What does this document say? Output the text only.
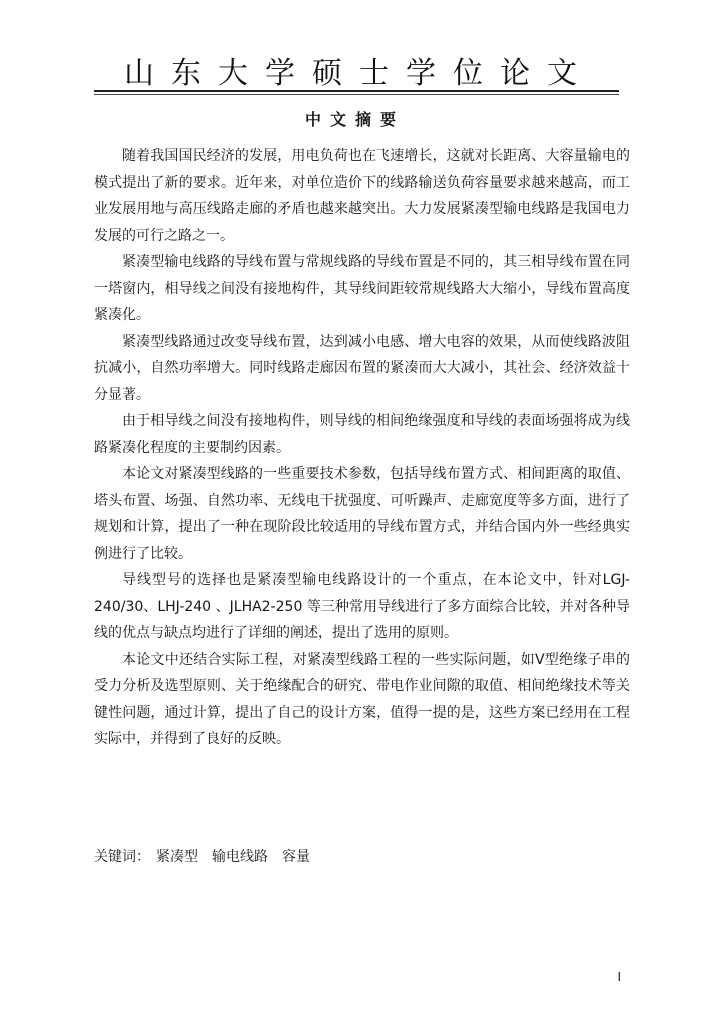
山东大学硕士学位论文
中文摘要

随着我国国民经济的发展，用电负荷也在飞速增长，这就对长距离、大容量输电的模式提出了新的要求。近年来，对单位造价下的线路输送负荷容量要求越来越高，而工业发展用地与高压线路走廊的矛盾也越来越突出。大力发展紧凑型输电线路是我国电力发展的可行之路之一。

紧凑型输电线路的导线布置与常规线路的导线布置是不同的，其三相导线布置在同一塔窗内，相导线之间没有接地构件，其导线间距较常规线路大大缩小，导线布置高度紧凑化。

紧凑型线路通过改变导线布置，达到减小电感、增大电容的效果，从而使线路波阻抗减小，自然功率增大。同时线路走廊因布置的紧凑而大大减小，其社会、经济效益十分显著。

由于相导线之间没有接地构件，则导线的相间绝缘强度和导线的表面场强将成为线路紧凑化程度的主要制约因素。

本论文对紧凑型线路的一些重要技术参数，包括导线布置方式、相间距离的取值、塔头布置、场强、自然功率、无线电干扰强度、可听躁声、走廊宽度等多方面，进行了规划和计算，提出了一种在现阶段比较适用的导线布置方式，并结合国内外一些经典实例进行了比较。

导线型号的选择也是紧凑型输电线路设计的一个重点，在本论文中，针对LGJ-240/30、LHJ-240 、JLHA2-250 等三种常用导线进行了多方面综合比较，并对各种导线的优点与缺点均进行了详细的阐述，提出了选用的原则。

本论文中还结合实际工程，对紧凑型线路工程的一些实际问题，如V型绝缘子串的受力分析及选型原则、关于绝缘配合的研究、带电作业间隙的取值、相间绝缘技术等关键性问题，通过计算，提出了自己的设计方案，值得一提的是，这些方案已经用在工程实际中，并得到了良好的反映。

关键词： 紧凑型 输电线路 容量
I
